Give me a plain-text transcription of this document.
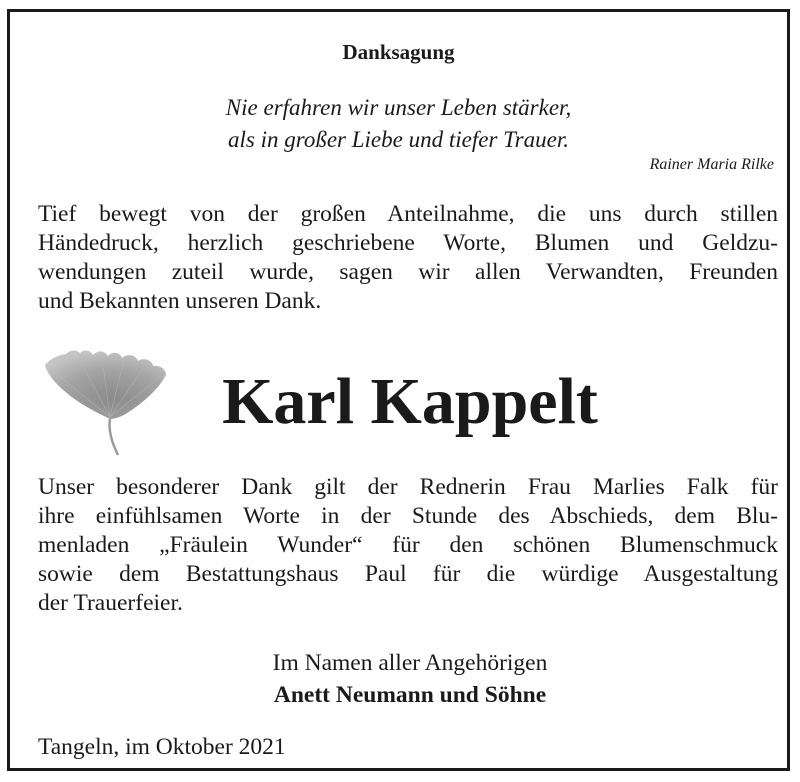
Danksagung
Nie erfahren wir unser Leben stärker,
als in großer Liebe und tiefer Trauer.
Rainer Maria Rilke
Tief bewegt von der großen Anteilnahme, die uns durch stillen
Händedruck, herzlich geschriebene Worte, Blumen und Geldzu-
wendungen zuteil wurde, sagen wir allen Verwandten, Freunden
und Bekannten unseren Dank.
Karl Kappelt
Unser besonderer Dank gilt der Rednerin Frau Marlies Falk für
ihre einfühlsamen Worte in der Stunde des Abschieds, dem Blu-
menladen „Fräulein Wunder“ für den schönen Blumenschmuck
sowie dem Bestattungshaus Paul für die würdige Ausgestaltung
der Trauerfeier.
Im Namen aller Angehörigen
Anett Neumann und Söhne
Tangeln, im Oktober 2021
